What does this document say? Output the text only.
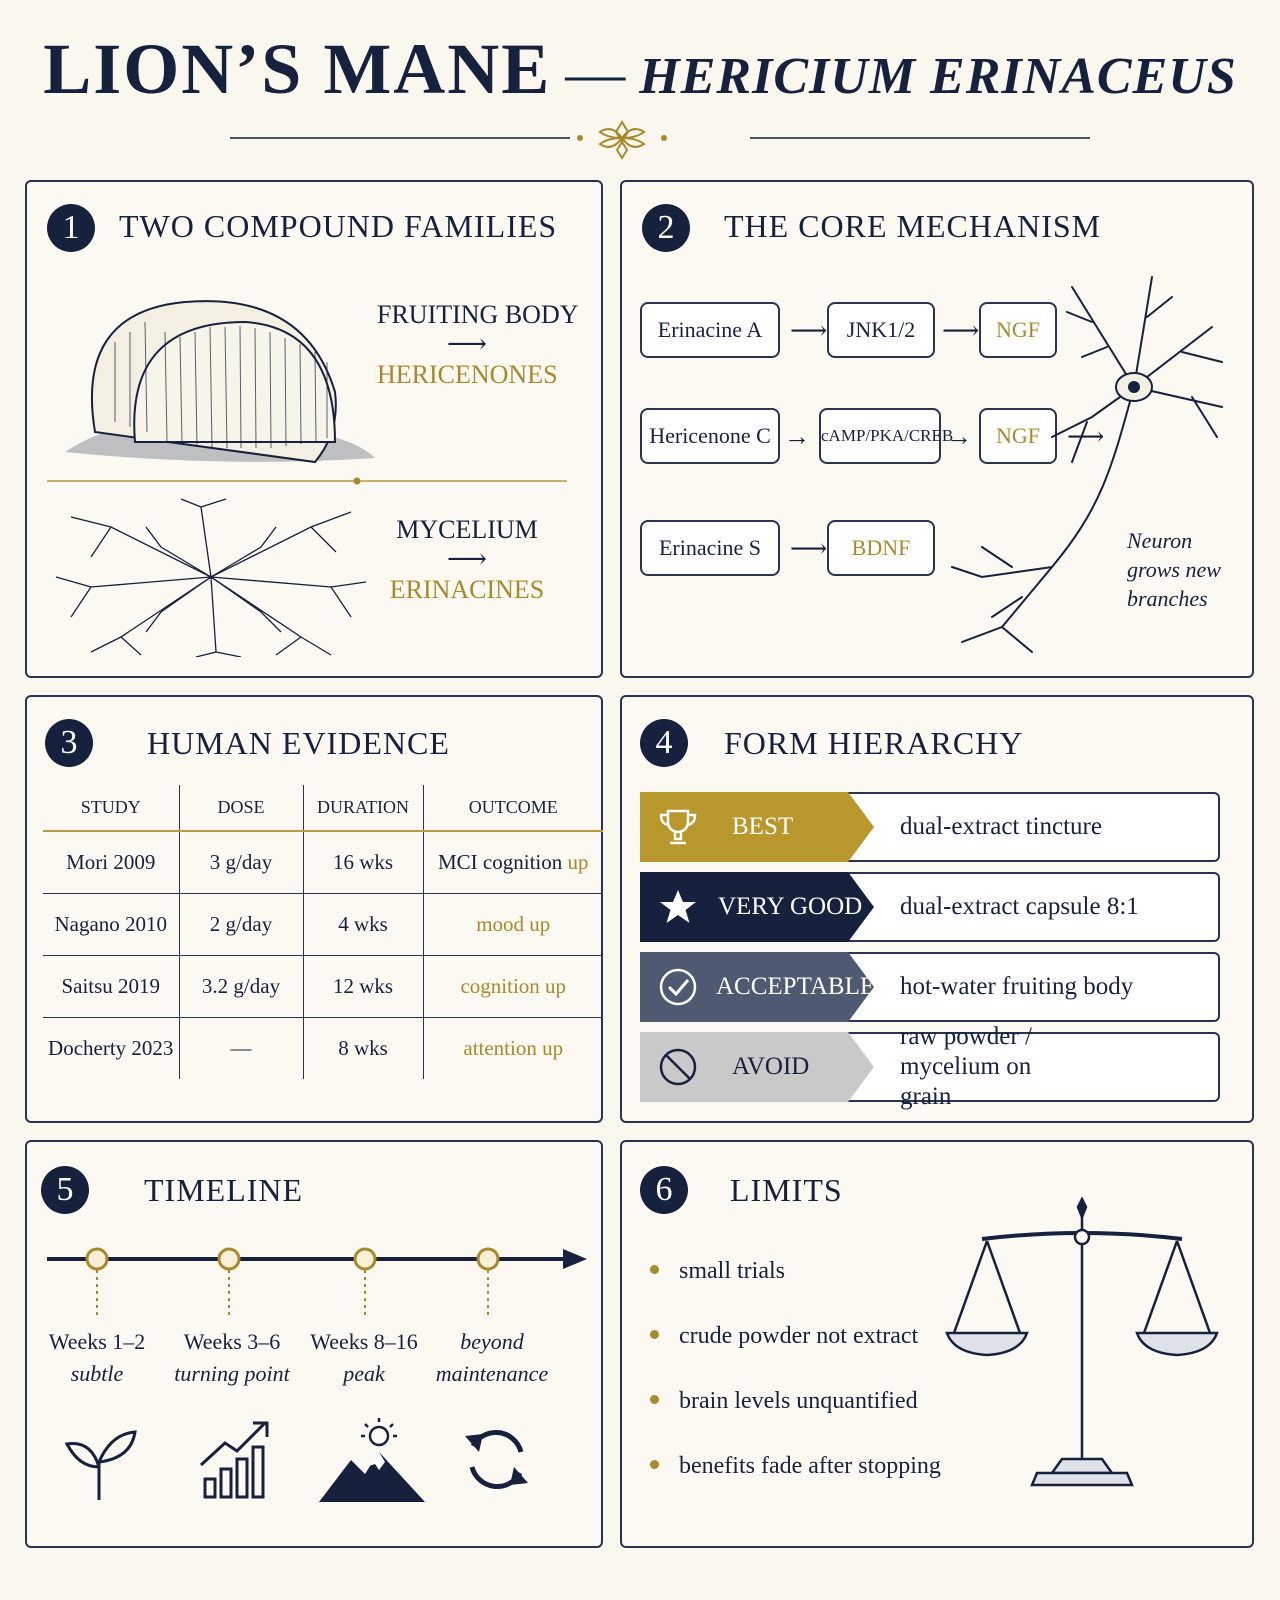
LION’S MANE — HERICIUM ERINACEUS
1	TWO COMPOUND FAMILIES
FRUITING BODY
⟶
HERICENONES
MYCELIUM
⟶
ERINACINES
2	THE CORE MECHANISM
Erinacine A	⟶ JNK1/2	⟶ NGF
Hericenone C → cAMP/PKA/CREB
→	NGF	⟶
Erinacine S	⟶	BDNF	Neuron
grows new
branches
3	HUMAN EVIDENCE
STUDY	DOSE	DURATION	OUTCOME
Mori 2009	3 g/day	16 wks	MCI cognition up
Nagano 2010	2 g/day	4 wks	mood up
Saitsu 2019	3.2 g/day	12 wks	cognition up
Docherty 2023	—	8 wks	attention up
4	FORM HIERARCHY
dual-extract tincture
BEST
dual-extract capsule 8:1
VERY GOOD
hot-water fruiting body
ACCEPTABLE
raw powder / mycelium on grain
AVOID
5	TIMELINE
Weeks 1–2
subtle
Weeks 3–6
turning point
Weeks 8–16
peak
beyond
maintenance
6	LIMITS
small trials
crude powder not extract
brain levels unquantified
benefits fade after stopping
